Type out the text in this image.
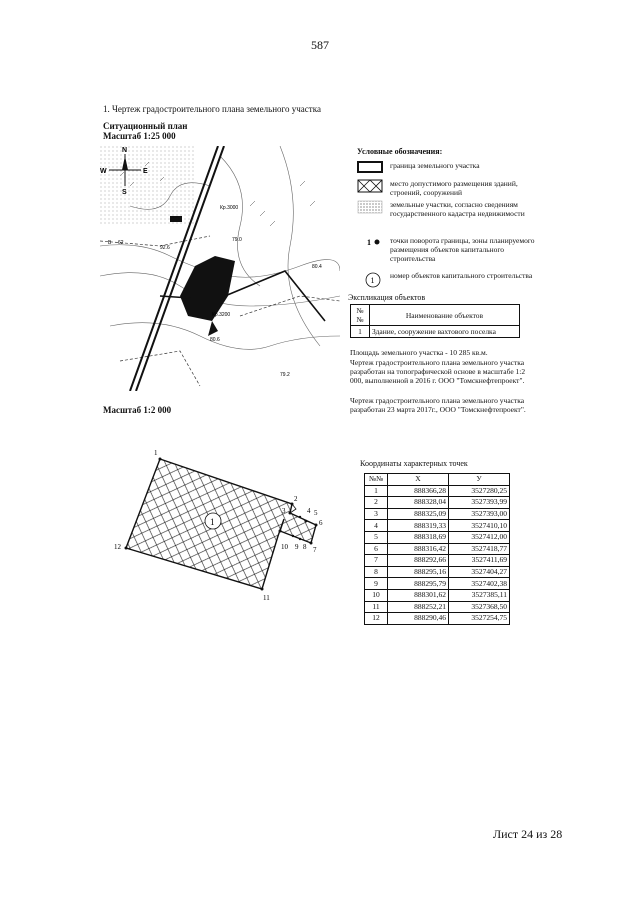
587
1. Чертеж градостроительного плана земельного участка
Ситуационный план
Масштаб 1:25 000
N
S
E
W
92.6
79.0
80.4
80.6
79.2
B 62
Кр.3000
Кр.3200
Условные обозначения:
граница земельного участка
место допустимого размещения зданий, строений, сооружений
земельные участки, согласно сведениям государственного кадастра недвижимости
1	точки поворота границы, зоны планируемого размещения объектов капитального строительства
1
номер объектов капитального строительства
Экспликация объектов
№№	Наименование объектов
1	Здание, сооружение вахтового поселка
Площадь земельного участка - 10 285 кв.м.
Чертеж градостроительного плана земельного участка разработан на топографической основе в масштабе 1:2 000, выполненной в 2016 г. ООО "Томскнефтепроект".
Чертеж градостроительного плана земельного участка разработан 23 марта 2017г., ООО "Томскнефтепроект".
Масштаб 1:2 000
1
1
2
3	4 5
6
7
8
9
10
11
12
Координаты характерных точек
№№	X	У
1	888366,28	3527280,25
2	888328,04	3527393,99
3	888325,09	3527393,00
4	888319,33	3527410,10
5	888318,69	3527412,00
6	888316,42	3527418,77
7	888292,66	3527411,69
8	888295,16	3527404,27
9	888295,79	3527402,38
10	888301,62	3527385,11
11	888252,21	3527368,50
12	888290,46	3527254,75
Лист 24 из 28
